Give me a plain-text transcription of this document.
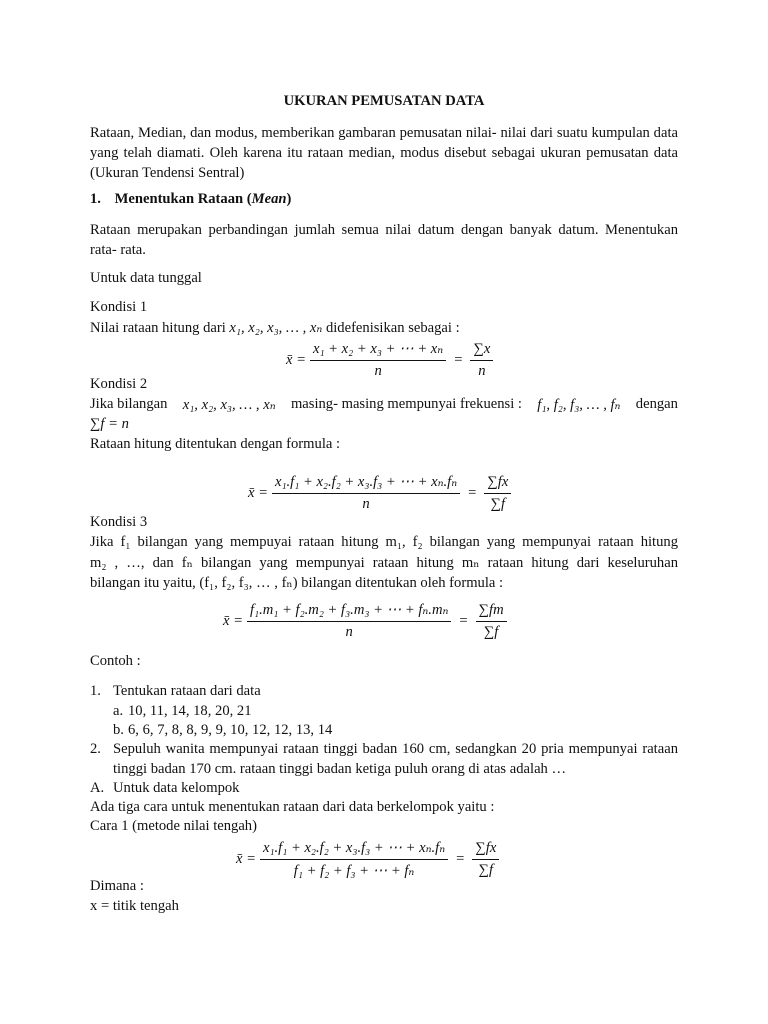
UKURAN PEMUSATAN DATA
Rataan, Median, dan modus, memberikan gambaran pemusatan nilai- nilai dari suatu kumpulan data yang telah diamati. Oleh karena itu rataan median, modus disebut sebagai ukuran pemusatan data (Ukuran Tendensi Sentral)
1. Menentukan Rataan (Mean)
Rataan merupakan perbandingan jumlah semua nilai datum dengan banyak datum. Menentukan rata- rata.
Untuk data tunggal
Kondisi 1
Nilai rataan hitung dari x₁, x₂, x₃, … , xₙ didefenisikan sebagai :
x̄ = $\frac{\text{x₁ + x₂ + x₃ + ⋯ + xₙ}}{n} = \frac{\sum x}{n}$
Kondisi 2
Jika bilangan x₁, x₂, x₃, … , xₙ masing- masing mempunyai frekuensi : f₁, f₂, f₃, … , fₙ dengan
∑f = n
Rataan hitung ditentukan dengan formula :
x̄ = $\frac{\text{x₁.f₁ + x₂.f₂ + x₃.f₃ + ⋯ + xₙ.fₙ}}{n} = \frac{\sum fx}{\sum f}$
Kondisi 3
Jika f₁ bilangan yang mempuyai rataan hitung m₁, f₂ bilangan yang mempunyai rataan hitung
m₂ , …, dan fₙ bilangan yang mempunyai rataan hitung mₙ rataan hitung dari keseluruhan
bilangan itu yaitu, (f₁, f₂, f₃, … , fₙ) bilangan ditentukan oleh formula :
x̄ = $\frac{\text{f₁.m₁ + f₂.m₂ + f₃.m₃ + ⋯ + fₙ.mₙ}}{n} = \frac{\sum fm}{\sum f}$
Contoh :
1. Tentukan rataan dari data
a. 10, 11, 14, 18, 20, 21
b. 6, 6, 7, 8, 8, 9, 9, 10, 12, 12, 13, 14
2. Sepuluh wanita mempunyai rataan tinggi badan 160 cm, sedangkan 20 pria mempunyai rataan
tinggi badan 170 cm. rataan tinggi badan ketiga puluh orang di atas adalah …
A. Untuk data kelompok
Ada tiga cara untuk menentukan rataan dari data berkelompok yaitu :
Cara 1 (metode nilai tengah)
x̄ = $\frac{\text{x₁.f₁ + x₂.f₂ + x₃.f₃ + ⋯ + xₙ.fₙ}}{\text{f₁ + f₂ + f₃ + ⋯ + fₙ}} = \frac{\sum fx}{\sum f}$
Dimana :
x = titik tengah
